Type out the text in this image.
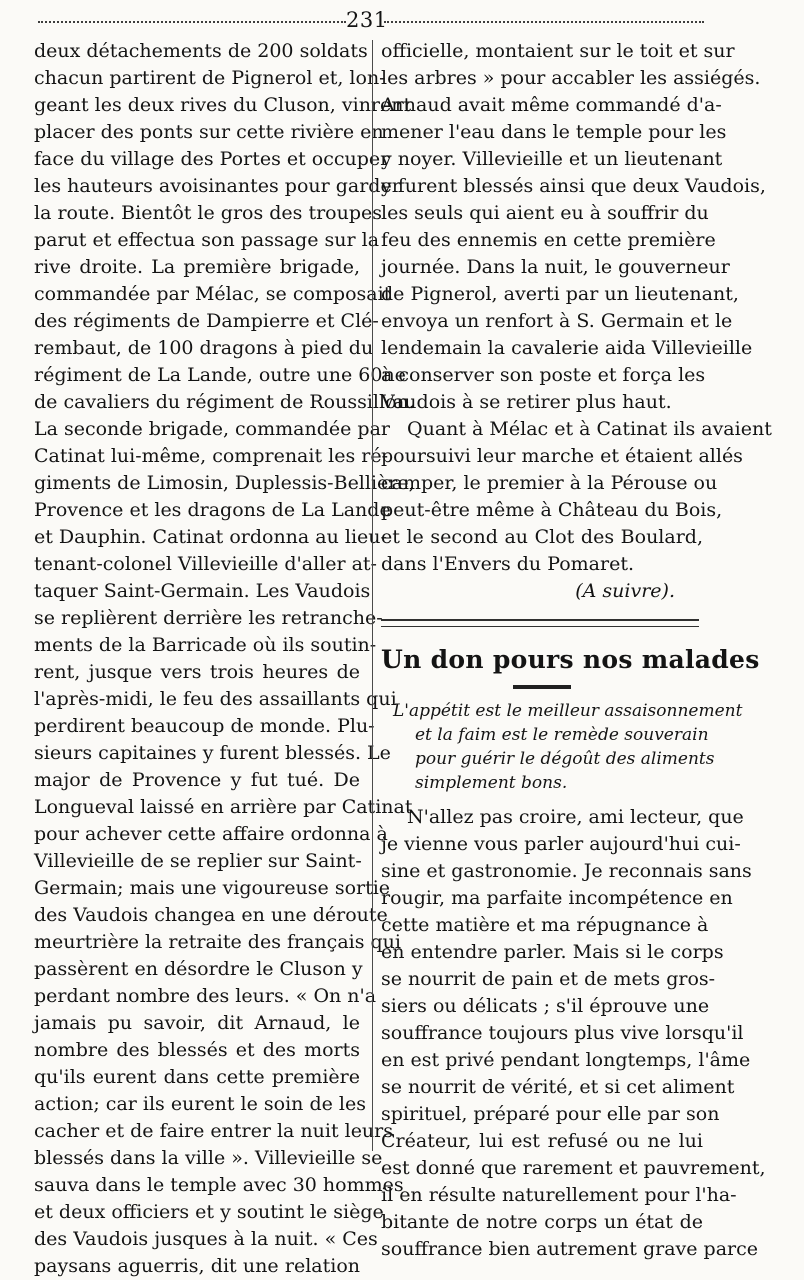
231
deux détachements de 200 soldats
chacun partirent de Pignerol et, lon-
geant les deux rives du Cluson, vinrent
placer des ponts sur cette rivière en
face du village des Portes et occuper
les hauteurs avoisinantes pour garder
la route. Bientôt le gros des troupes
parut et effectua son passage sur la
rive droite. La première brigade,
commandée par Mélac, se composait
des régiments de Dampierre et Clé-
rembaut, de 100 dragons à pied du
régiment de La Lande, outre une 60ne
de cavaliers du régiment de Roussillon.
La seconde brigade, commandée par
Catinat lui-même, comprenait les ré-
giments de Limosin, Duplessis-Bellière,
Provence et les dragons de La Lande
et Dauphin. Catinat ordonna au lieu-
tenant-colonel Villevieille d'aller at-
taquer Saint-Germain. Les Vaudois
se replièrent derrière les retranche-
ments de la Barricade où ils soutin-
rent, jusque vers trois heures de
l'après-midi, le feu des assaillants qui
perdirent beaucoup de monde. Plu-
sieurs capitaines y furent blessés. Le
major de Provence y fut tué. De
Longueval laissé en arrière par Catinat
pour achever cette affaire ordonna à
Villevieille de se replier sur Saint-
Germain; mais une vigoureuse sortie
des Vaudois changea en une déroute
meurtrière la retraite des français qui
passèrent en désordre le Cluson y
perdant nombre des leurs. « On n'a
jamais pu savoir, dit Arnaud, le
nombre des blessés et des morts
qu'ils eurent dans cette première
action; car ils eurent le soin de les
cacher et de faire entrer la nuit leurs
blessés dans la ville ». Villevieille se
sauva dans le temple avec 30 hommes
et deux officiers et y soutint le siège
des Vaudois jusques à la nuit. « Ces
paysans aguerris, dit une relation
officielle, montaient sur le toit et sur
les arbres » pour accabler les assiégés.
Arnaud avait même commandé d'a-
mener l'eau dans le temple pour les
y noyer. Villevieille et un lieutenant
y furent blessés ainsi que deux Vaudois,
les seuls qui aient eu à souffrir du
feu des ennemis en cette première
journée. Dans la nuit, le gouverneur
de Pignerol, averti par un lieutenant,
envoya un renfort à S. Germain et le
lendemain la cavalerie aida Villevieille
à conserver son poste et força les
Vaudois à se retirer plus haut.
Quant à Mélac et à Catinat ils avaient
poursuivi leur marche et étaient allés
camper, le premier à la Pérouse ou
peut-être même à Château du Bois,
et le second au Clot des Boulard,
dans l'Envers du Pomaret.
(A suivre).
Un don pours nos malades
L'appétit est le meilleur assaisonnement
et la faim est le remède souverain
pour guérir le dégoût des aliments
simplement bons.
N'allez pas croire, ami lecteur, que
je vienne vous parler aujourd'hui cui-
sine et gastronomie. Je reconnais sans
rougir, ma parfaite incompétence en
cette matière et ma répugnance à
en entendre parler. Mais si le corps
se nourrit de pain et de mets gros-
siers ou délicats ; s'il éprouve une
souffrance toujours plus vive lorsqu'il
en est privé pendant longtemps, l'âme
se nourrit de vérité, et si cet aliment
spirituel, préparé pour elle par son
Créateur, lui est refusé ou ne lui
est donné que rarement et pauvrement,
il en résulte naturellement pour l'ha-
bitante de notre corps un état de
souffrance bien autrement grave parce
